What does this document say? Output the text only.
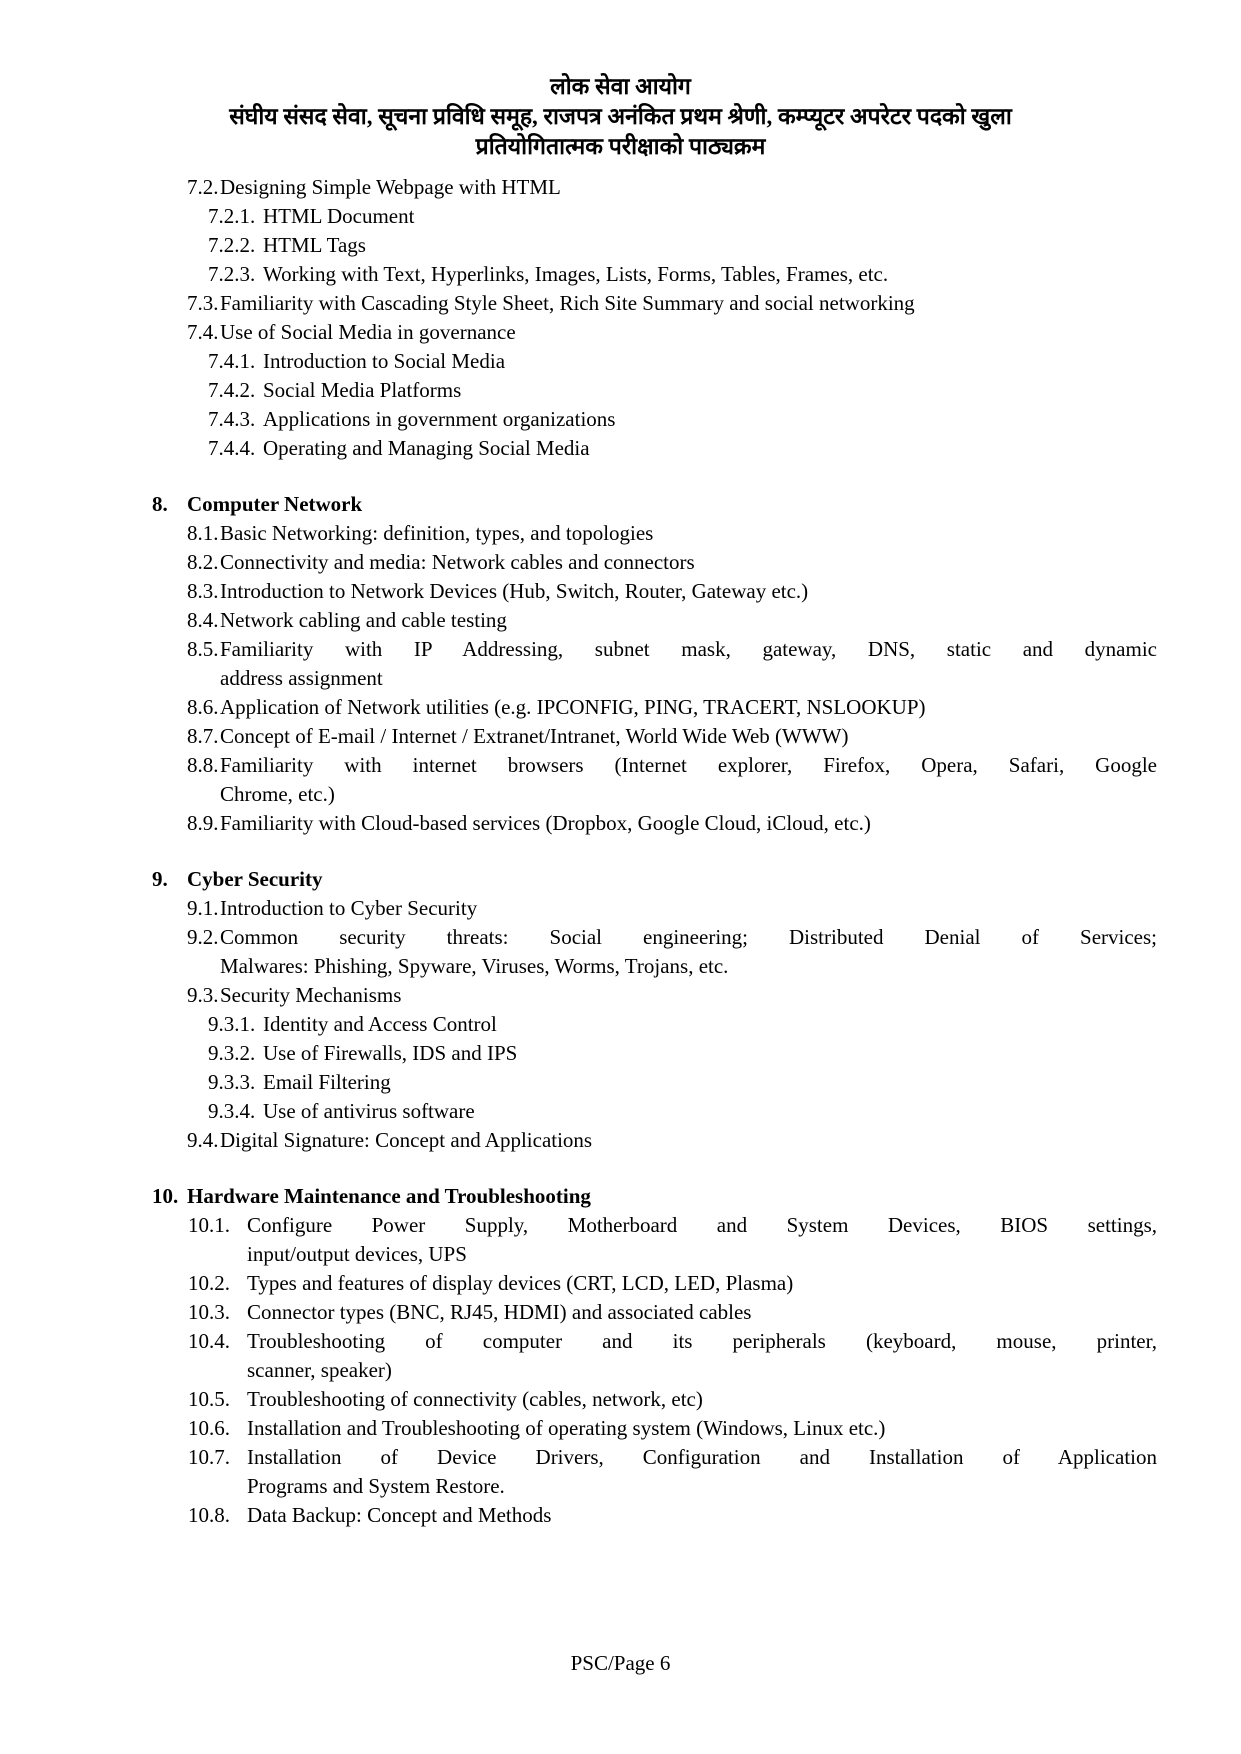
लोक सेवा आयोग
संघीय संसद सेवा, सूचना प्रविधि समूह, राजपत्र अनंकित प्रथम श्रेणी, कम्प्यूटर अपरेटर पदको खुला
प्रतियोगितात्मक परीक्षाको पाठ्यक्रम
7.2. Designing Simple Webpage with HTML
7.2.1. HTML Document
7.2.2. HTML Tags
7.2.3. Working with Text, Hyperlinks, Images, Lists, Forms, Tables, Frames, etc.
7.3. Familiarity with Cascading Style Sheet, Rich Site Summary and social networking
7.4. Use of Social Media in governance
7.4.1. Introduction to Social Media
7.4.2. Social Media Platforms
7.4.3. Applications in government organizations
7.4.4. Operating and Managing Social Media
8. Computer Network
8.1. Basic Networking: definition, types, and topologies
8.2. Connectivity and media: Network cables and connectors
8.3. Introduction to Network Devices (Hub, Switch, Router, Gateway etc.)
8.4. Network cabling and cable testing
8.5. Familiarity with IP Addressing, subnet mask, gateway, DNS, static and dynamic
address assignment
8.6. Application of Network utilities (e.g. IPCONFIG, PING, TRACERT, NSLOOKUP)
8.7. Concept of E-mail / Internet / Extranet/Intranet, World Wide Web (WWW)
8.8. Familiarity with internet browsers (Internet explorer, Firefox, Opera, Safari, Google
Chrome, etc.)
8.9. Familiarity with Cloud-based services (Dropbox, Google Cloud, iCloud, etc.)
9. Cyber Security
9.1. Introduction to Cyber Security
9.2. Common security threats: Social engineering; Distributed Denial of Services;
Malwares: Phishing, Spyware, Viruses, Worms, Trojans, etc.
9.3. Security Mechanisms
9.3.1. Identity and Access Control
9.3.2. Use of Firewalls, IDS and IPS
9.3.3. Email Filtering
9.3.4. Use of antivirus software
9.4. Digital Signature: Concept and Applications
10. Hardware Maintenance and Troubleshooting
10.1. Configure Power Supply, Motherboard and System Devices, BIOS settings,
input/output devices, UPS
10.2. Types and features of display devices (CRT, LCD, LED, Plasma)
10.3. Connector types (BNC, RJ45, HDMI) and associated cables
10.4. Troubleshooting of computer and its peripherals (keyboard, mouse, printer,
scanner, speaker)
10.5. Troubleshooting of connectivity (cables, network, etc)
10.6. Installation and Troubleshooting of operating system (Windows, Linux etc.)
10.7. Installation of Device Drivers, Configuration and Installation of Application
Programs and System Restore.
10.8. Data Backup: Concept and Methods
PSC/Page 6
